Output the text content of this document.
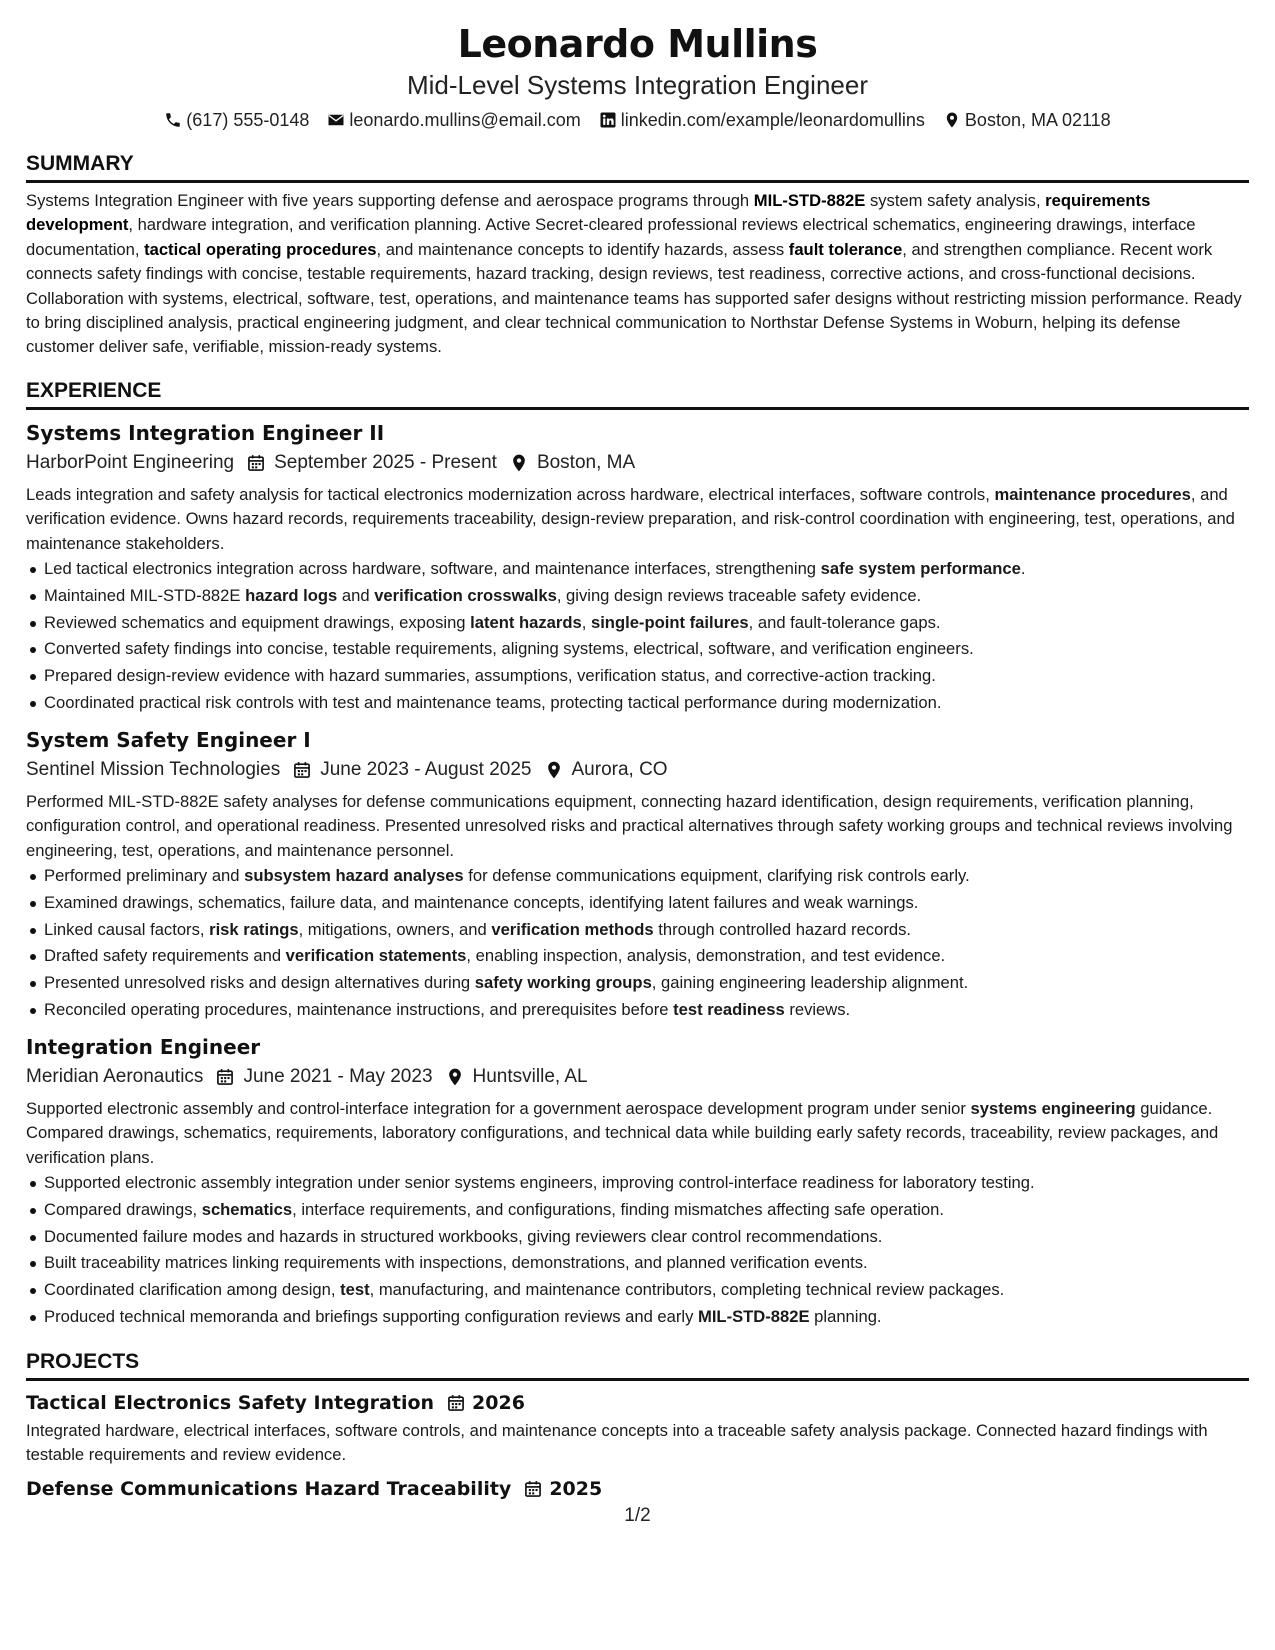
Leonardo Mullins
Mid-Level Systems Integration Engineer
(617) 555-0148 leonardo.mullins@email.com linkedin.com/example/leonardomullins Boston, MA 02118
SUMMARY
Systems Integration Engineer with five years supporting defense and aerospace programs through MIL-STD-882E system safety analysis, requirements development, hardware integration, and verification planning. Active Secret-cleared professional reviews electrical schematics, engineering drawings, interface documentation, tactical operating procedures, and maintenance concepts to identify hazards, assess fault tolerance, and strengthen compliance. Recent work connects safety findings with concise, testable requirements, hazard tracking, design reviews, test readiness, corrective actions, and cross-functional decisions. Collaboration with systems, electrical, software, test, operations, and maintenance teams has supported safer designs without restricting mission performance. Ready to bring disciplined analysis, practical engineering judgment, and clear technical communication to Northstar Defense Systems in Woburn, helping its defense customer deliver safe, verifiable, mission-ready systems.
EXPERIENCE
Systems Integration Engineer II
HarborPoint Engineering September 2025 - Present Boston, MA
Leads integration and safety analysis for tactical electronics modernization across hardware, electrical interfaces, software controls, maintenance procedures, and verification evidence. Owns hazard records, requirements traceability, design-review preparation, and risk-control coordination with engineering, test, operations, and maintenance stakeholders.
Led tactical electronics integration across hardware, software, and maintenance interfaces, strengthening safe system performance.
Maintained MIL-STD-882E hazard logs and verification crosswalks, giving design reviews traceable safety evidence.
Reviewed schematics and equipment drawings, exposing latent hazards, single-point failures, and fault-tolerance gaps.
Converted safety findings into concise, testable requirements, aligning systems, electrical, software, and verification engineers.
Prepared design-review evidence with hazard summaries, assumptions, verification status, and corrective-action tracking.
Coordinated practical risk controls with test and maintenance teams, protecting tactical performance during modernization.
System Safety Engineer I
Sentinel Mission Technologies June 2023 - August 2025 Aurora, CO
Performed MIL-STD-882E safety analyses for defense communications equipment, connecting hazard identification, design requirements, verification planning, configuration control, and operational readiness. Presented unresolved risks and practical alternatives through safety working groups and technical reviews involving engineering, test, operations, and maintenance personnel.
Performed preliminary and subsystem hazard analyses for defense communications equipment, clarifying risk controls early.
Examined drawings, schematics, failure data, and maintenance concepts, identifying latent failures and weak warnings.
Linked causal factors, risk ratings, mitigations, owners, and verification methods through controlled hazard records.
Drafted safety requirements and verification statements, enabling inspection, analysis, demonstration, and test evidence.
Presented unresolved risks and design alternatives during safety working groups, gaining engineering leadership alignment.
Reconciled operating procedures, maintenance instructions, and prerequisites before test readiness reviews.
Integration Engineer
Meridian Aeronautics June 2021 - May 2023 Huntsville, AL
Supported electronic assembly and control-interface integration for a government aerospace development program under senior systems engineering guidance. Compared drawings, schematics, requirements, laboratory configurations, and technical data while building early safety records, traceability, review packages, and verification plans.
Supported electronic assembly integration under senior systems engineers, improving control-interface readiness for laboratory testing.
Compared drawings, schematics, interface requirements, and configurations, finding mismatches affecting safe operation.
Documented failure modes and hazards in structured workbooks, giving reviewers clear control recommendations.
Built traceability matrices linking requirements with inspections, demonstrations, and planned verification events.
Coordinated clarification among design, test, manufacturing, and maintenance contributors, completing technical review packages.
Produced technical memoranda and briefings supporting configuration reviews and early MIL-STD-882E planning.
PROJECTS
Tactical Electronics Safety Integration 2026
Integrated hardware, electrical interfaces, software controls, and maintenance concepts into a traceable safety analysis package. Connected hazard findings with testable requirements and review evidence.
Defense Communications Hazard Traceability 2025
1/2
